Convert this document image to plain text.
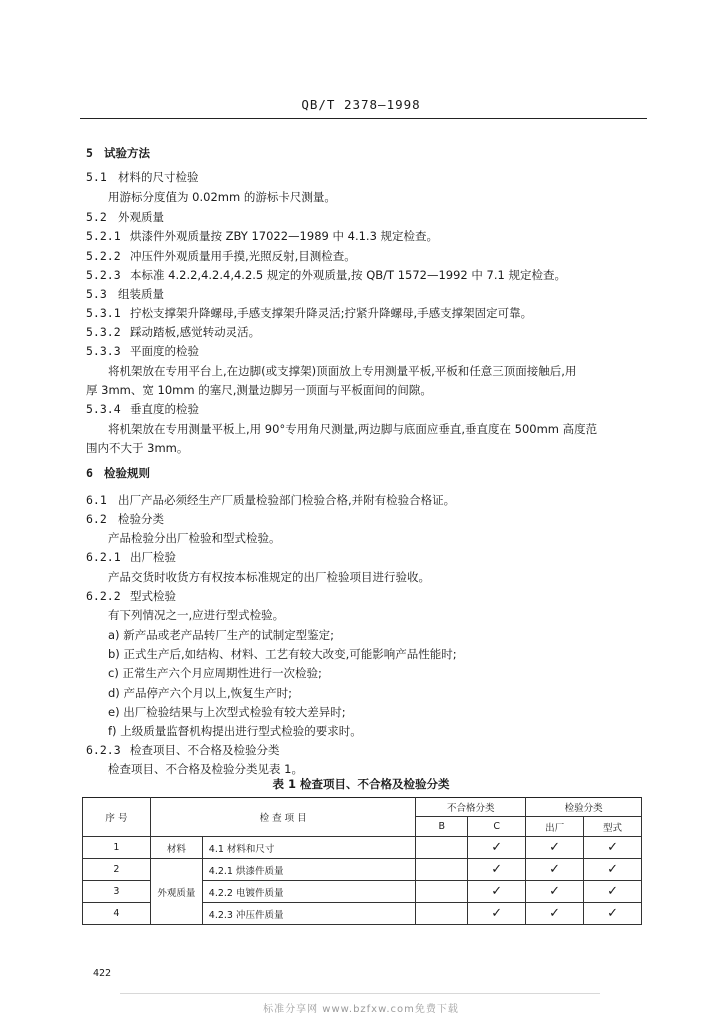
QB/T 2378—1998
5 试验方法
5.1 材料的尺寸检验
用游标分度值为 0.02mm 的游标卡尺测量。
5.2 外观质量
5.2.1 烘漆件外观质量按 ZBY 17022—1989 中 4.1.3 规定检查。
5.2.2 冲压件外观质量用手摸,光照反射,目测检查。
5.2.3 本标准 4.2.2,4.2.4,4.2.5 规定的外观质量,按 QB/T 1572—1992 中 7.1 规定检查。
5.3 组装质量
5.3.1 拧松支撑架升降螺母,手感支撑架升降灵活;拧紧升降螺母,手感支撑架固定可靠。
5.3.2 踩动踏板,感觉转动灵活。
5.3.3 平面度的检验
将机架放在专用平台上,在边脚(或支撑架)顶面放上专用测量平板,平板和任意三顶面接触后,用
厚 3mm、宽 10mm 的塞尺,测量边脚另一顶面与平板面间的间隙。
5.3.4 垂直度的检验
将机架放在专用测量平板上,用 90°专用角尺测量,两边脚与底面应垂直,垂直度在 500mm 高度范
围内不大于 3mm。
6 检验规则
6.1 出厂产品必须经生产厂质量检验部门检验合格,并附有检验合格证。
6.2 检验分类
产品检验分出厂检验和型式检验。
6.2.1 出厂检验
产品交货时收货方有权按本标准规定的出厂检验项目进行验收。
6.2.2 型式检验
有下列情况之一,应进行型式检验。
a) 新产品或老产品转厂生产的试制定型鉴定;
b) 正式生产后,如结构、材料、工艺有较大改变,可能影响产品性能时;
c) 正常生产六个月应周期性进行一次检验;
d) 产品停产六个月以上,恢复生产时;
e) 出厂检验结果与上次型式检验有较大差异时;
f) 上级质量监督机构提出进行型式检验的要求时。
6.2.3 检查项目、不合格及检验分类
检查项目、不合格及检验分类见表 1。
表 1 检查项目、不合格及检验分类
序 号	检 查 项 目		不合格分类		检验分类	
			B	C	出厂	型式
1	材料	4.1 材料和尺寸		✓	✓	✓
2	外观质量	4.2.1 烘漆件质量		✓	✓	✓
3		4.2.2 电镀件质量		✓	✓	✓
4		4.2.3 冲压件质量		✓	✓	✓
422
标准分享网 www.bzfxw.com免费下载
